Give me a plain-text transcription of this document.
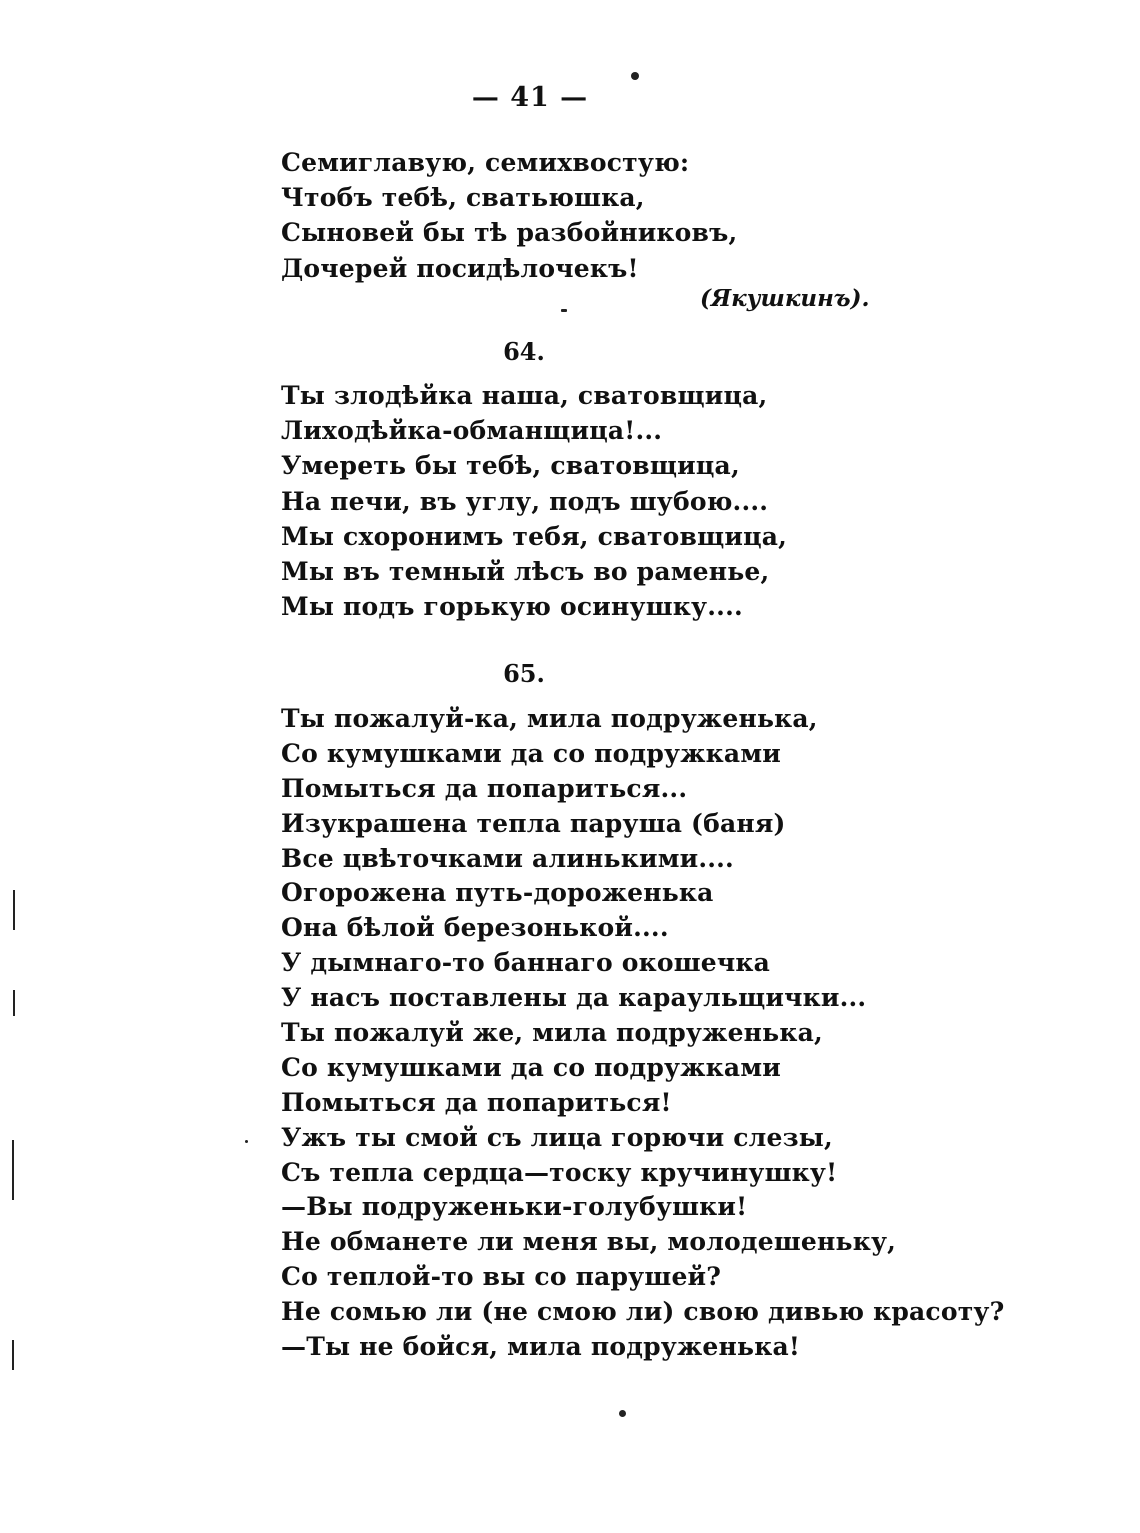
— 41 —
Семиглавую, семихвостую:
Чтобъ тебѣ, сватьюшка,
Сыновей бы тѣ разбойниковъ,
Дочерей посидѣлочекъ!
(Якушкинъ).
64.
Ты злодѣйка наша, сватовщица,
Лиходѣйка-обманщица!...
Умереть бы тебѣ, сватовщица,
На печи, въ углу, подъ шубою....
Мы схоронимъ тебя, сватовщица,
Мы въ темный лѣсъ во раменье,
Мы подъ горькую осинушку....
65.
Ты пожалуй-ка, мила подруженька,
Со кумушками да со подружками
Помыться да попариться...
Изукрашена тепла паруша (баня)
Все цвѣточками алинькими....
Огорожена путь-дороженька
Она бѣлой березонькой....
У дымнаго-то баннаго окошечка
У насъ поставлены да караульщички...
Ты пожалуй же, мила подруженька,
Со кумушками да со подружками
Помыться да попариться!
Ужъ ты смой съ лица горючи слезы,
Съ тепла сердца—тоску кручинушку!
—Вы подруженьки-голубушки!
Не обманете ли меня вы, молодешеньку,
Со теплой-то вы со парушей?
Не сомью ли (не смою ли) свою дивью красоту?
—Ты не бойся, мила подруженька!
